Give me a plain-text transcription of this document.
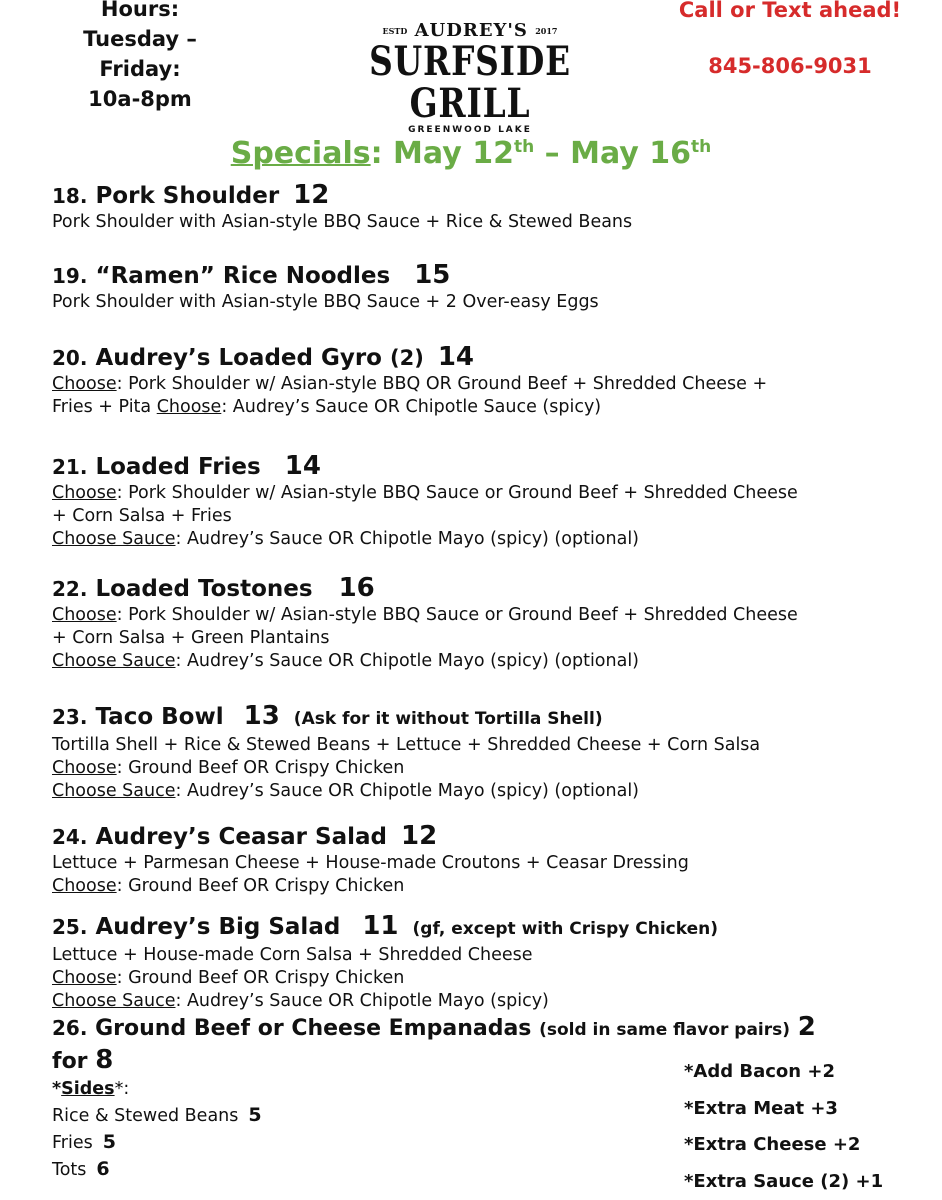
Hours:
Tuesday – Friday:
10a-8pm
Call or Text ahead!
845-806-9031
ESTD AUDREY'S 2017
SURFSIDE GRILL
GREENWOOD LAKE
Specials: May 12th – May 16th
18. Pork Shoulder 12
Pork Shoulder with Asian-style BBQ Sauce + Rice & Stewed Beans
19. “Ramen” Rice Noodles 15
Pork Shoulder with Asian-style BBQ Sauce + 2 Over-easy Eggs
20. Audrey’s Loaded Gyro (2) 14
Choose: Pork Shoulder w/ Asian-style BBQ OR Ground Beef + Shredded Cheese +
Fries + Pita Choose: Audrey’s Sauce OR Chipotle Sauce (spicy)
21. Loaded Fries 14
Choose: Pork Shoulder w/ Asian-style BBQ Sauce or Ground Beef + Shredded Cheese
+ Corn Salsa + Fries
Choose Sauce: Audrey’s Sauce OR Chipotle Mayo (spicy) (optional)
22. Loaded Tostones 16
Choose: Pork Shoulder w/ Asian-style BBQ Sauce or Ground Beef + Shredded Cheese
+ Corn Salsa + Green Plantains
Choose Sauce: Audrey’s Sauce OR Chipotle Mayo (spicy) (optional)
23. Taco Bowl 13 (Ask for it without Tortilla Shell)
Tortilla Shell + Rice & Stewed Beans + Lettuce + Shredded Cheese + Corn Salsa
Choose: Ground Beef OR Crispy Chicken
Choose Sauce: Audrey’s Sauce OR Chipotle Mayo (spicy) (optional)
24. Audrey’s Ceasar Salad 12
Lettuce + Parmesan Cheese + House-made Croutons + Ceasar Dressing
Choose: Ground Beef OR Crispy Chicken
25. Audrey’s Big Salad 11 (gf, except with Crispy Chicken)
Lettuce + House-made Corn Salsa + Shredded Cheese
Choose: Ground Beef OR Crispy Chicken
Choose Sauce: Audrey’s Sauce OR Chipotle Mayo (spicy)
26. Ground Beef or Cheese Empanadas (sold in same flavor pairs) 2
for 8
*Sides*:
Rice & Stewed Beans 5
Fries 5
Tots 6
*Add Bacon +2
*Extra Meat +3
*Extra Cheese +2
*Extra Sauce (2) +1
